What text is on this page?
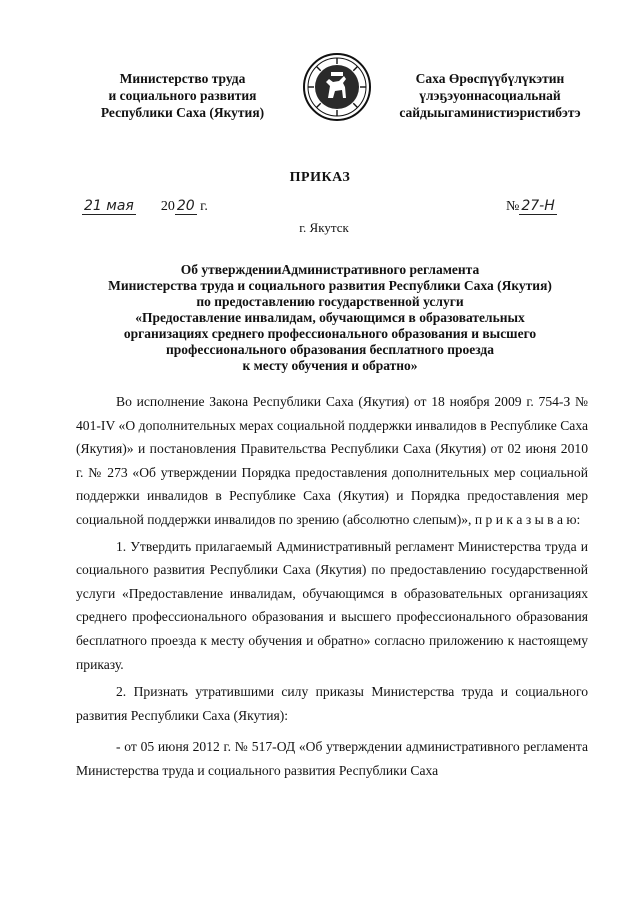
Министерство труда
и социального развития
Республики Саха (Якутия)
Саха Өрөспүүбүлүкэтин
үлэҕэуоннасоциальнай
сайдыыгаминистиэристибэтэ
ПРИКАЗ
21 мая 20 20 г.	№ 27-Н
г. Якутск
Об утвержденииАдминистративного регламента
Министерства труда и социального развития Республики Саха (Якутия)
по предоставлению государственной услуги
«Предоставление инвалидам, обучающимся в образовательных
организациях среднего профессионального образования и высшего
профессионального образования бесплатного проезда
к месту обучения и обратно»

Во исполнение Закона Республики Саха (Якутия) от 18 ноября 2009 г. 754-З № 401-IV «О дополнительных мерах социальной поддержки инвалидов в Республике Саха (Якутия)» и постановления Правительства Республики Саха (Якутия) от 02 июня 2010 г. № 273 «Об утверждении Порядка предоставления дополнительных мер социальной поддержки инвалидов в Республике Саха (Якутия) и Порядка предоставления мер социальной поддержки инвалидов по зрению (абсолютно слепым)», п р и к а з ы в а ю:

1. Утвердить прилагаемый Административный регламент Министерства труда и социального развития Республики Саха (Якутия) по предоставлению государственной услуги «Предоставление инвалидам, обучающимся в образовательных организациях среднего профессионального образования и высшего профессионального образования бесплатного проезда к месту обучения и обратно» согласно приложению к настоящему приказу.

2. Признать утратившими силу приказы Министерства труда и социального развития Республики Саха (Якутия):

- от 05 июня 2012 г. № 517-ОД «Об утверждении административного регламента Министерства труда и социального развития Республики Саха
